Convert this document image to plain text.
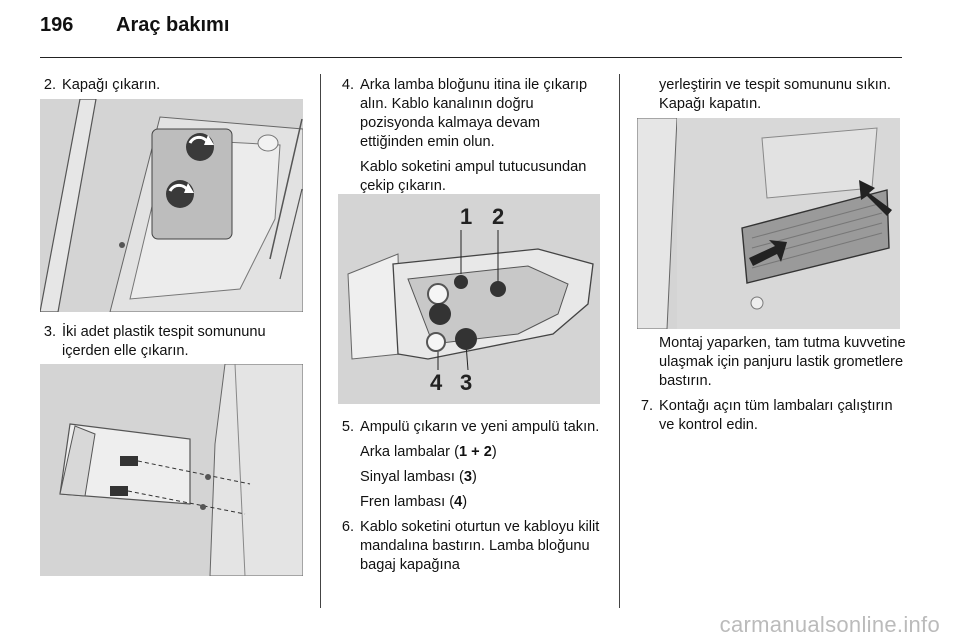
196	Araç bakımı
2. Kapağı çıkarın.
3. İki adet plastik tespit somununu içerden elle çıkarın.
4. Arka lamba bloğunu itina ile çıkarıp alın. Kablo kanalının doğru pozisyonda kalmaya devam ettiğinden emin olun.
Kablo soketini ampul tutucusundan çekip çıkarın.
1 2
4 3
5. Ampulü çıkarın ve yeni ampulü takın.
Arka lambalar (1 + 2)
Sinyal lambası (3)
Fren lambası (4)
6. Kablo soketini oturtun ve kabloyu kilit mandalına bastırın. Lamba bloğunu bagaj kapağına
yerleştirin ve tespit somununu sıkın. Kapağı kapatın.
Montaj yaparken, tam tutma kuvvetine ulaşmak için panjuru lastik grometlere bastırın.
7. Kontağı açın tüm lambaları çalıştırın ve kontrol edin.
carmanualsonline.info
